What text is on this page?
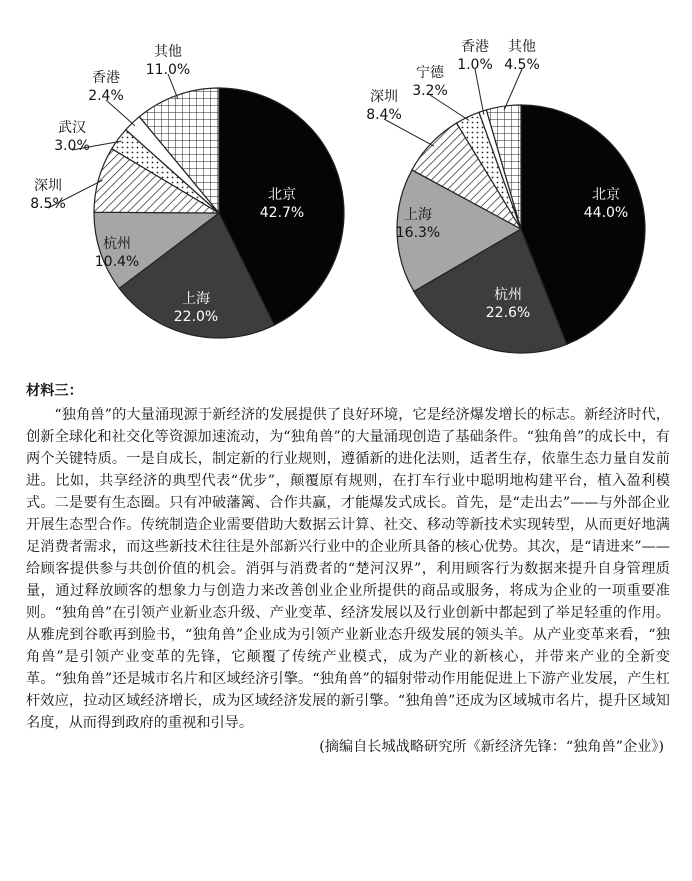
北京
42.7%
上海
22.0%
杭州
10.4%
深圳
8.5%
武汉
3.0%
香港
2.4%
其他
11.0%
北京
44.0%
杭州
22.6%
上海
16.3%
深圳
8.4%
宁德
3.2%
香港
1.0%
其他
4.5%
材料三：
“独角兽”的大量涌现源于新经济的发展提供了良好环境，它是经济爆发增长的标志。新经济时代，创新全球化和社交化等资源加速流动，为“独角兽”的大量涌现创造了基础条件。“独角兽”的成长中，有两个关键特质。一是自成长，制定新的行业规则，遵循新的进化法则，适者生存，依靠生态力量自发前进。比如，共享经济的典型代表“优步”，颠覆原有规则，在打车行业中聪明地构建平台，植入盈利模式。二是要有生态圈。只有冲破藩篱、合作共赢，才能爆发式成长。首先，是“走出去”——与外部企业开展生态型合作。传统制造企业需要借助大数据云计算、社交、移动等新技术实现转型，从而更好地满足消费者需求，而这些新技术往往是外部新兴行业中的企业所具备的核心优势。其次，是“请进来”——给顾客提供参与共创价值的机会。消弭与消费者的“楚河汉界”，利用顾客行为数据来提升自身管理质量，通过释放顾客的想象力与创造力来改善创业企业所提供的商品或服务，将成为企业的一项重要准则。“独角兽”在引领产业新业态升级、产业变革、经济发展以及行业创新中都起到了举足轻重的作用。从雅虎到谷歌再到脸书，“独角兽”企业成为引领产业新业态升级发展的领头羊。从产业变革来看，“独角兽”是引领产业变革的先锋，它颠覆了传统产业模式，成为产业的新核心，并带来产业的全新变革。“独角兽”还是城市名片和区域经济引擎。“独角兽”的辐射带动作用能促进上下游产业发展，产生杠杆效应，拉动区域经济增长，成为区域经济发展的新引擎。“独角兽”还成为区域城市名片，提升区域知名度，从而得到政府的重视和引导。
(摘编自长城战略研究所《新经济先锋：“独角兽”企业》)
